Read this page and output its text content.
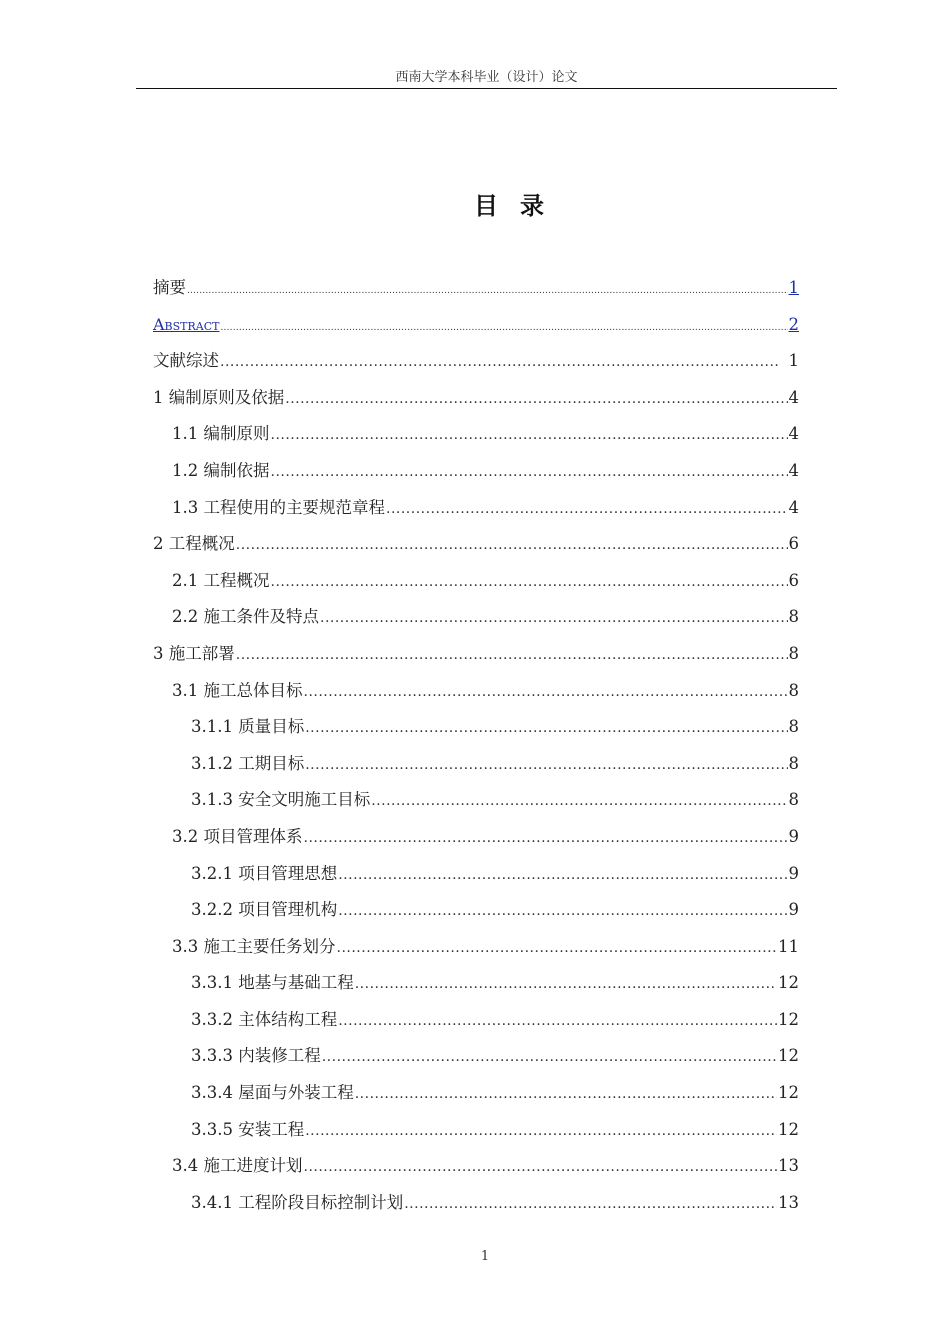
西南大学本科毕业（设计）论文
目录
摘要 .....	1
Abstract .....	2
文献综述 .....	1
1 编制原则及依据 .....	4
1.1 编制原则 .....	4
1.2 编制依据 .....	4
1.3 工程使用的主要规范章程 .....	4
2 工程概况 .....	6
2.1 工程概况 .....	6
2.2 施工条件及特点 .....	8
3 施工部署 .....	8
3.1 施工总体目标 .....	8
3.1.1 质量目标 .....	8
3.1.2 工期目标 .....	8
3.1.3 安全文明施工目标 .....	8
3.2 项目管理体系 .....	9
3.2.1 项目管理思想 .....	9
3.2.2 项目管理机构 .....	9
3.3 施工主要任务划分 .....	11
3.3.1 地基与基础工程 .....	12
3.3.2 主体结构工程 .....	12
3.3.3 内装修工程 .....	12
3.3.4 屋面与外装工程 .....	12
3.3.5 安装工程 .....	12
3.4 施工进度计划 .....	13
3.4.1 工程阶段目标控制计划 .....	13
1
